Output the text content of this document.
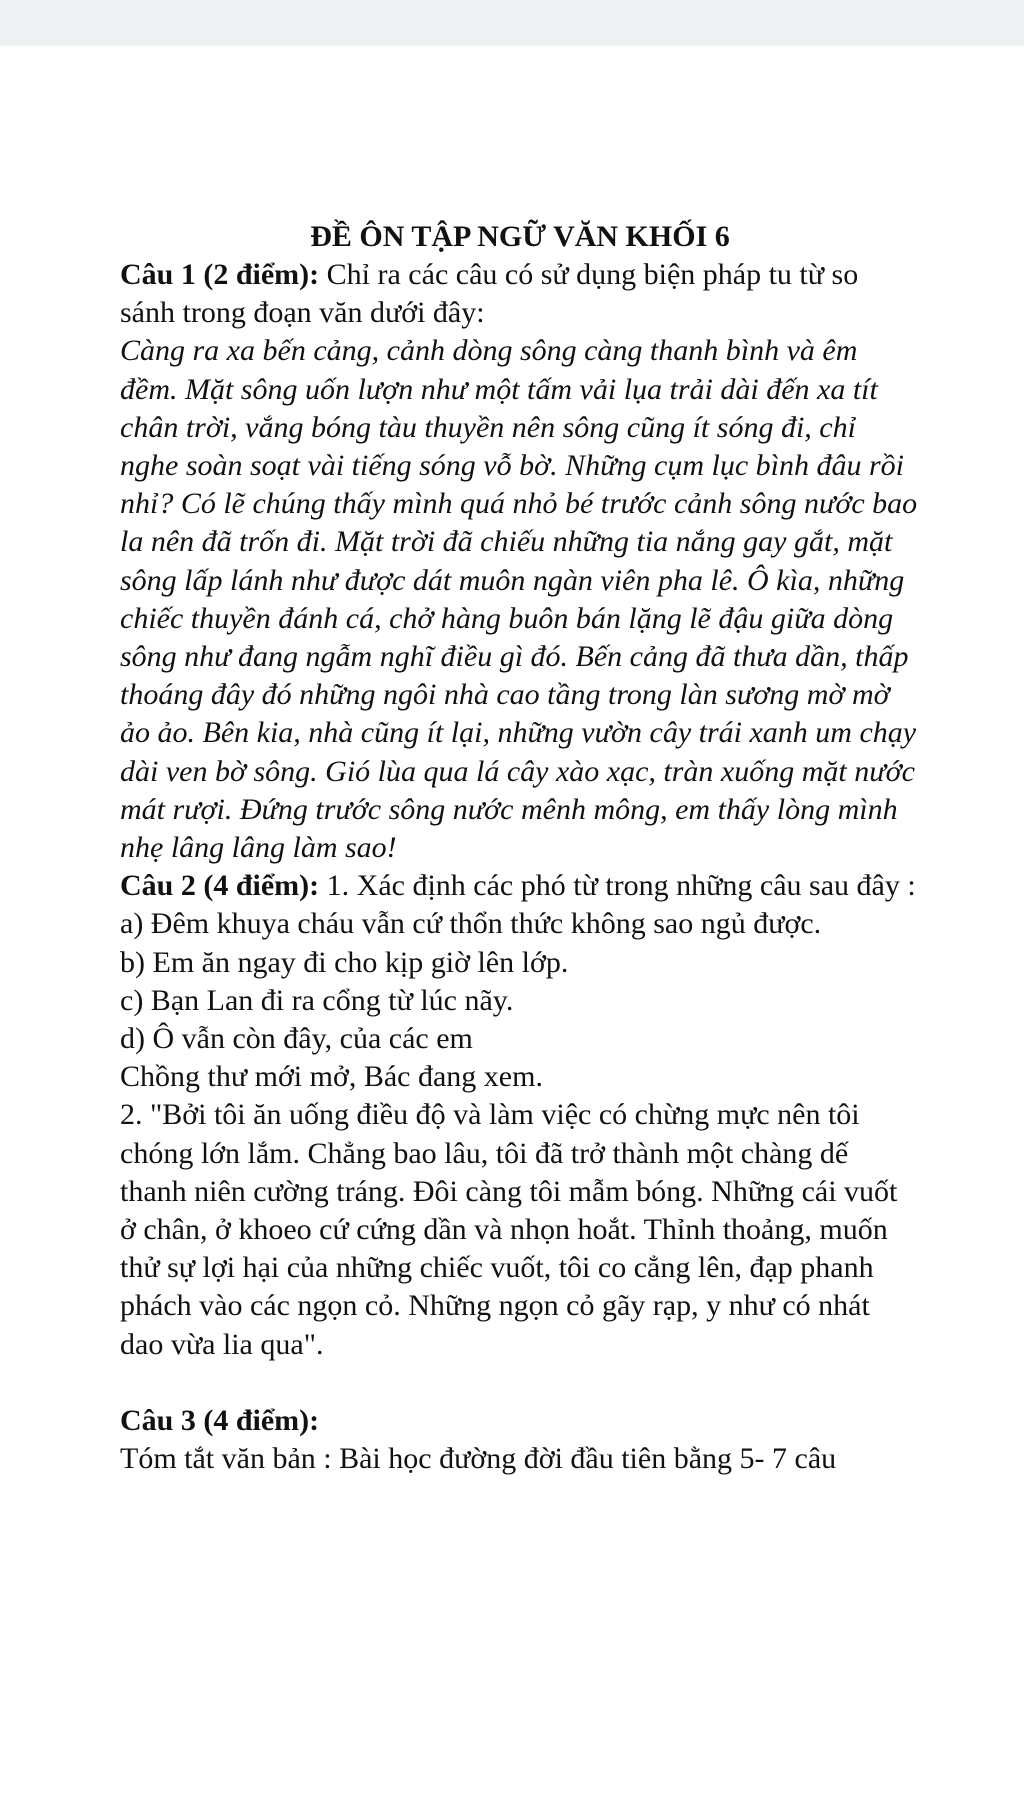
ĐỀ ÔN TẬP NGỮ VĂN KHỐI 6

Câu 1 (2 điểm): Chỉ ra các câu có sử dụng biện pháp tu từ so sánh trong đoạn văn dưới đây:

Càng ra xa bến cảng, cảnh dòng sông càng thanh bình và êm đềm. Mặt sông uốn lượn như một tấm vải lụa trải dài đến xa tít chân trời, vắng bóng tàu thuyền nên sông cũng ít sóng đi, chỉ nghe soàn soạt vài tiếng sóng vỗ bờ. Những cụm lục bình đâu rồi nhỉ? Có lẽ chúng thấy mình quá nhỏ bé trước cảnh sông nước bao la nên đã trốn đi. Mặt trời đã chiếu những tia nắng gay gắt, mặt sông lấp lánh như được dát muôn ngàn viên pha lê. Ô kìa, những chiếc thuyền đánh cá, chở hàng buôn bán lặng lẽ đậu giữa dòng sông như đang ngẫm nghĩ điều gì đó. Bến cảng đã thưa dần, thấp thoáng đây đó những ngôi nhà cao tầng trong làn sương mờ mờ ảo ảo. Bên kia, nhà cũng ít lại, những vườn cây trái xanh um chạy dài ven bờ sông. Gió lùa qua lá cây xào xạc, tràn xuống mặt nước mát rượi. Đứng trước sông nước mênh mông, em thấy lòng mình nhẹ lâng lâng làm sao!

Câu 2 (4 điểm): 1. Xác định các phó từ trong những câu sau đây :

a) Đêm khuya cháu vẫn cứ thổn thức không sao ngủ được.

b) Em ăn ngay đi cho kịp giờ lên lớp.

c) Bạn Lan đi ra cổng từ lúc nãy.

d) Ô vẫn còn đây, của các em

Chồng thư mới mở, Bác đang xem.

2. "Bởi tôi ăn uống điều độ và làm việc có chừng mực nên tôi chóng lớn lắm. Chẳng bao lâu, tôi đã trở thành một chàng dế thanh niên cường tráng. Đôi càng tôi mẫm bóng. Những cái vuốt ở chân, ở khoeo cứ cứng dần và nhọn hoắt. Thỉnh thoảng, muốn thử sự lợi hại của những chiếc vuốt, tôi co cẳng lên, đạp phanh phách vào các ngọn cỏ. Những ngọn cỏ gãy rạp, y như có nhát dao vừa lia qua".

Câu 3 (4 điểm):

Tóm tắt văn bản : Bài học đường đời đầu tiên bằng 5- 7 câu
